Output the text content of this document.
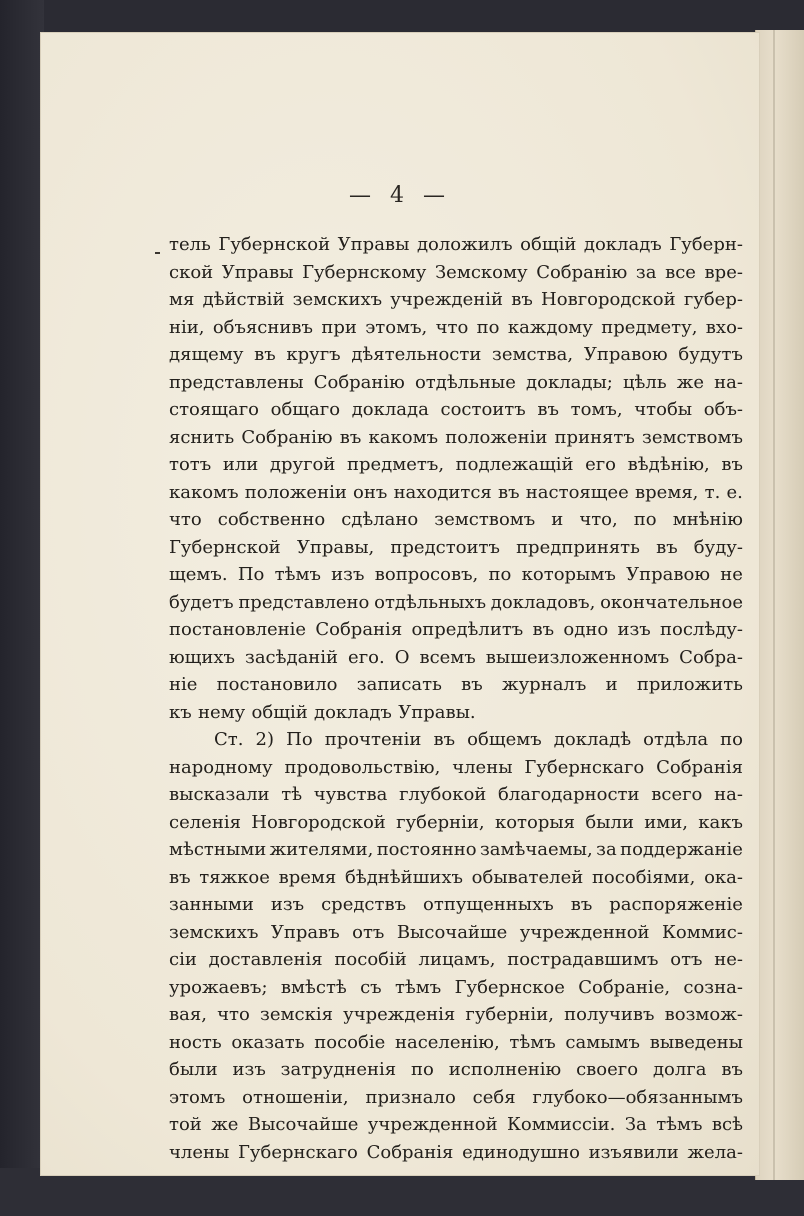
— 4 —
тель Губернской Управы доложилъ общій докладъ Губерн-
ской Управы Губернскому Земскому Собранію за все вре-
мя дѣйствій земскихъ учрежденій въ Новгородской губер-
ніи, объяснивъ при этомъ, что по каждому предмету, вхо-
дящему въ кругъ дѣятельности земства, Управою будутъ
представлены Собранію отдѣльные доклады; цѣль же на-
стоящаго общаго доклада состоитъ въ томъ, чтобы объ-
яснить Собранію въ какомъ положеніи принятъ земствомъ
тотъ или другой предметъ, подлежащій его вѣдѣнію, въ
какомъ положеніи онъ находится въ настоящее время, т. е.
что собственно сдѣлано земствомъ и что, по мнѣнію
Губернской Управы, предстоитъ предпринять въ буду-
щемъ. По тѣмъ изъ вопросовъ, по которымъ Управою не
будетъ представлено отдѣльныхъ докладовъ, окончательное
постановленіе Собранія опредѣлитъ въ одно изъ послѣду-
ющихъ засѣданій его. О всемъ вышеизложенномъ Собра-
ніе постановило записать въ журналъ и приложить
къ нему общій докладъ Управы.
Ст. 2) По прочтеніи въ общемъ докладѣ отдѣла по
народному продовольствію, члены Губернскаго Собранія
высказали тѣ чувства глубокой благодарности всего на-
селенія Новгородской губерніи, которыя были ими, какъ
мѣстными жителями, постоянно замѣчаемы, за поддержаніе
въ тяжкое время бѣднѣйшихъ обывателей пособіями, ока-
занными изъ средствъ отпущенныхъ въ распоряженіе
земскихъ Управъ отъ Высочайше учрежденной Коммис-
сіи доставленія пособій лицамъ, пострадавшимъ отъ не-
урожаевъ; вмѣстѣ съ тѣмъ Губернское Собраніе, созна-
вая, что земскія учрежденія губерніи, получивъ возмож-
ность оказать пособіе населенію, тѣмъ самымъ выведены
были изъ затрудненія по исполненію своего долга въ
этомъ отношеніи, признало себя глубоко—обязаннымъ
той же Высочайше учрежденной Коммиссіи. За тѣмъ всѣ
члены Губернскаго Собранія единодушно изъявили жела-
